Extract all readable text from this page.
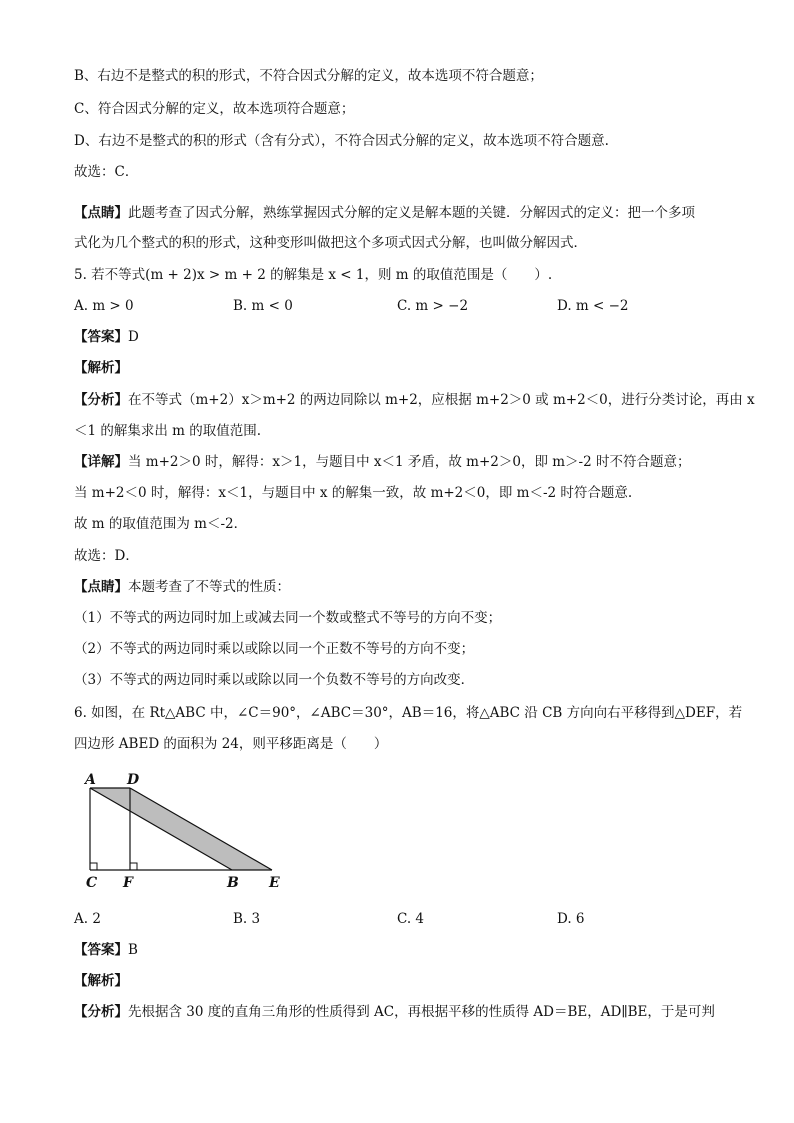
B、右边不是整式的积的形式，不符合因式分解的定义，故本选项不符合题意；
C、符合因式分解的定义，故本选项符合题意；
D、右边不是整式的积的形式（含有分式），不符合因式分解的定义，故本选项不符合题意.
故选：C．
【点睛】此题考查了因式分解，熟练掌握因式分解的定义是解本题的关键．分解因式的定义：把一个多项
式化为几个整式的积的形式，这种变形叫做把这个多项式因式分解，也叫做分解因式．
5. 若不等式(m + 2)x > m + 2 的解集是 x < 1，则 m 的取值范围是（　　）.
A. m > 0	B. m < 0	C. m > −2	D. m < −2
【答案】D
【解析】
【分析】在不等式（m+2）x＞m+2 的两边同除以 m+2，应根据 m+2＞0 或 m+2＜0，进行分类讨论，再由 x
＜1 的解集求出 m 的取值范围.
【详解】当 m+2＞0 时，解得：x＞1，与题目中 x＜1 矛盾，故 m+2＞0，即 m＞-2 时不符合题意；
当 m+2＜0 时，解得：x＜1，与题目中 x 的解集一致，故 m+2＜0，即 m＜-2 时符合题意.
故 m 的取值范围为 m＜-2．
故选：D．
【点睛】本题考查了不等式的性质：
（1）不等式的两边同时加上或减去同一个数或整式不等号的方向不变；
（2）不等式的两边同时乘以或除以同一个正数不等号的方向不变；
（3）不等式的两边同时乘以或除以同一个负数不等号的方向改变．
6. 如图，在 Rt△ABC 中，∠C＝90°，∠ABC＝30°，AB＝16，将△ABC 沿 CB 方向向右平移得到△DEF，若
四边形 ABED 的面积为 24，则平移距离是（　　）
A D
C F	B E
A. 2	B. 3	C. 4	D. 6
【答案】B
【解析】
【分析】先根据含 30 度的直角三角形的性质得到 AC，再根据平移的性质得 AD＝BE，AD∥BE，于是可判
